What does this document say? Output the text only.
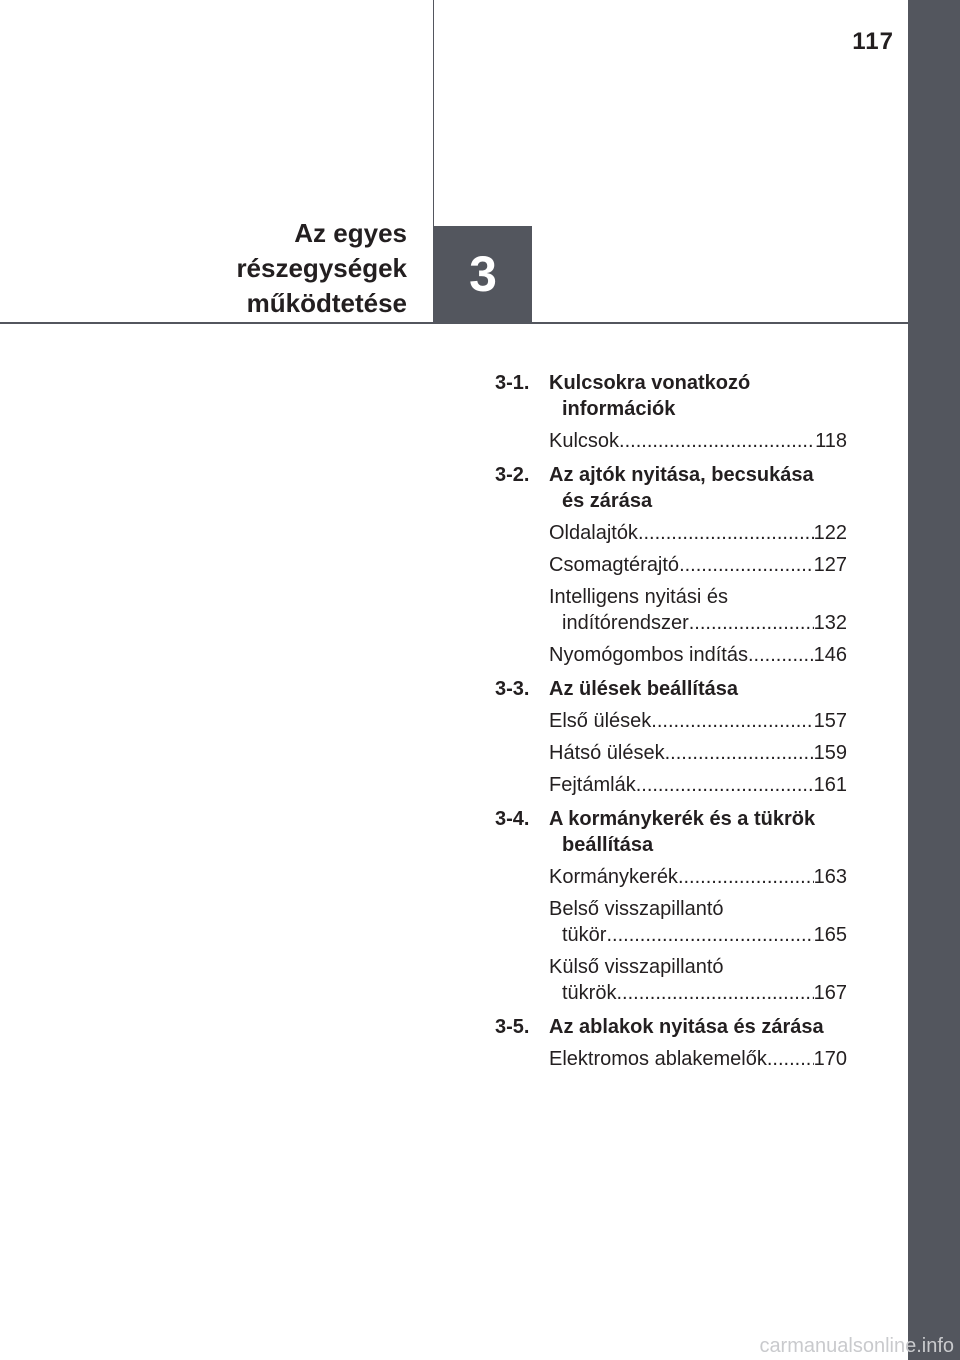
117
Az egyes
részegységek
működtetése
3
3-1. Kulcsokra vonatkozó
információk
Kulcsok .....	118
3-2. Az ajtók nyitása, becsukása
és zárása
Oldalajtók .....	122
Csomagtérajtó .....	127
Intelligens nyitási és
indítórendszer .....	132
Nyomógombos indítás .....	146
3-3. Az ülések beállítása
Első ülések .....	157
Hátsó ülések .....	159
Fejtámlák .....	161
3-4. A kormánykerék és a tükrök
beállítása
Kormánykerék .....	163
Belső visszapillantó
tükör .....	165
Külső visszapillantó
tükrök .....	167
3-5. Az ablakok nyitása és zárása
Elektromos ablakemelők ..... 170
carmanualsonline.info
